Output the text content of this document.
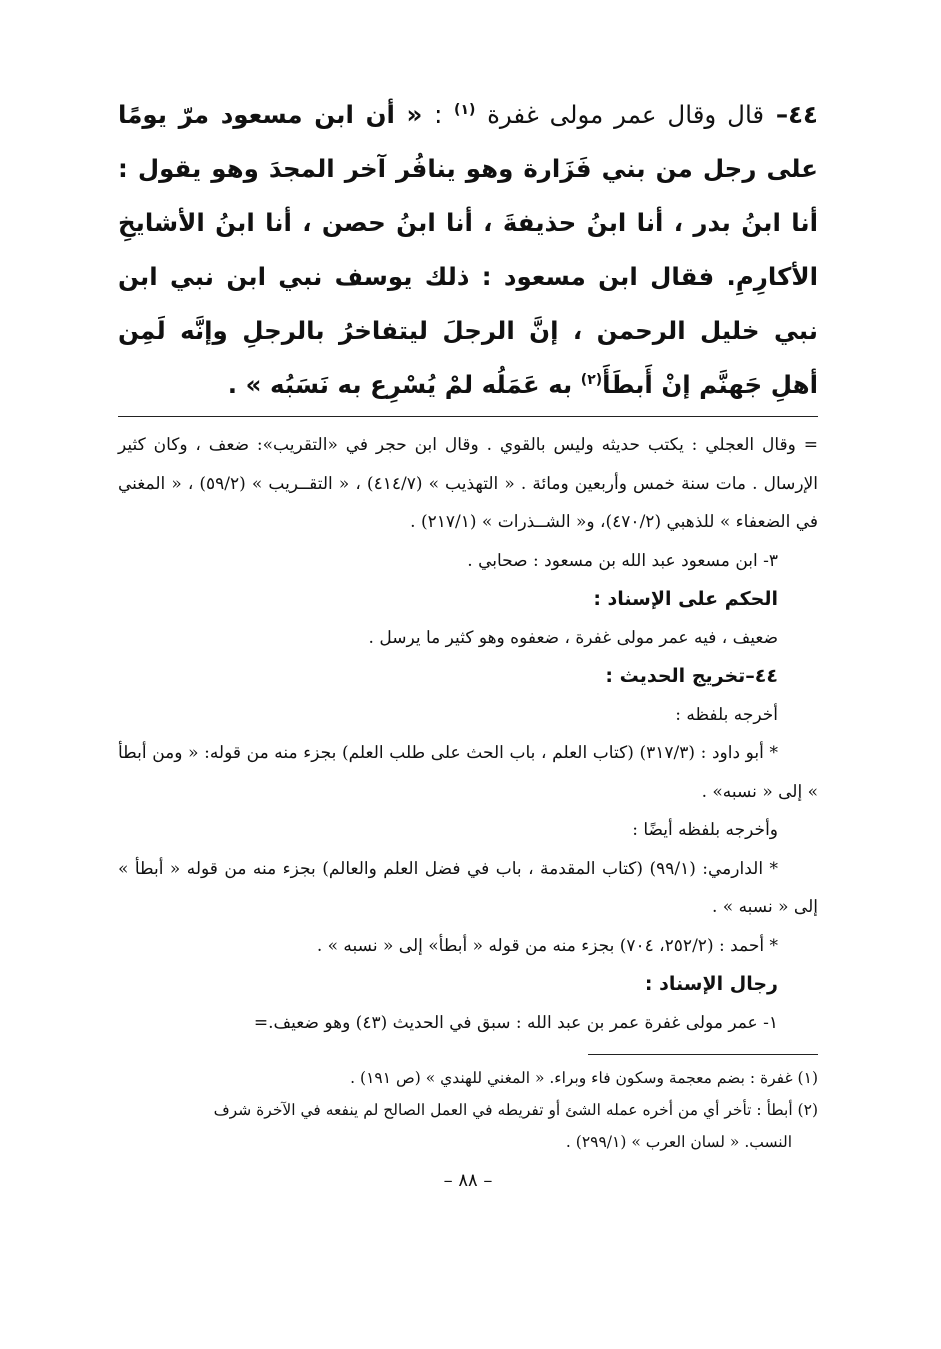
٤٤– قال وقال عمر مولى غفرة $^{(١)}$ : « أن ابن مسعود مرّ يومًا على رجل من بني فَزَارة وهو ينافُر آخر المجدَ وهو يقول : أنا ابنُ بدر ، أنا ابنُ حذيفةَ ، أنا ابنُ حصن ، أنا ابنُ الأشايخِ الأكارِمِ. فقال ابن مسعود : ذلك يوسف نبي ابن نبي ابن نبي خليل الرحمن ، إنَّ الرجلَ ليتفاخرُ بالرجلِ وإنَّه لَمِن أهلِ جَهنَّم إنْ أَبطَأَ$^{(٢)}$ به عَمَلُه لمْ يُسْرِع به نَسَبُه » .

= وقال العجلي : يكتب حديثه وليس بالقوي . وقال ابن حجر في «التقريب»: ضعف ، وكان كثير الإرسال . مات سنة خمس وأربعين ومائة . « التهذيب » (٤١٤/٧) ، « التقــريب » (٥٩/٢) ، « المغني في الضعفاء » للذهبي (٤٧٠/٢)، و« الشــذرات » (٢١٧/١) .

٣- ابن مسعود عبد الله بن مسعود : صحابي .

الحكم على الإسناد :

ضعيف ، فيه عمر مولى غفرة ، ضعفوه وهو كثير ما يرسل .

٤٤–تخريج الحديث :

أخرجه بلفظه :

* أبو داود : (٣١٧/٣) (كتاب العلم ، باب الحث على طلب العلم) بجزء منه من قوله: « ومن أبطأ » إلى « نسبه» .

وأخرجه بلفظه أيضًا :

* الدارمي: (٩٩/١) (كتاب المقدمة ، باب في فضل العلم والعالم) بجزء منه من قوله « أبطأ » إلى « نسبه » .

* أحمد : (٢٥٢/٢، ٧٠٤) بجزء منه من قوله « أبطأ» إلى « نسبه » .

رجال الإسناد :

١- عمر مولى غفرة عمر بن عبد الله : سبق في الحديث (٤٣) وهو ضعيف.=

(١) غفرة : بضم معجمة وسكون فاء وبراء. « المغني للهندي » (ص ١٩١) .

(٢) أبطأ : تأخر أي من أخره عمله الشئ أو تفريطه في العمل الصالح لم ينفعه في الآخرة شرف

النسب. « لسان العرب » (٢٩٩/١) .

– ٨٨ –
